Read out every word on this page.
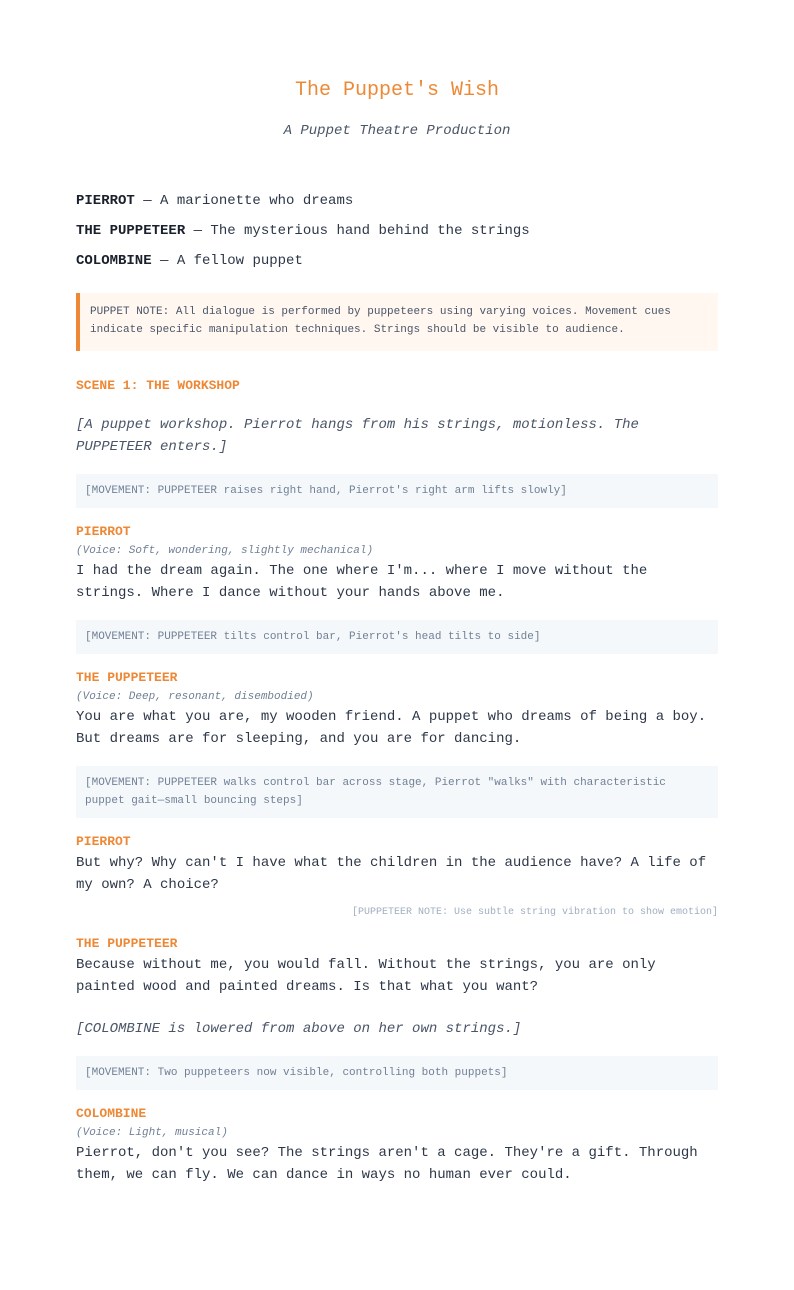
The Puppet's Wish
A Puppet Theatre Production
PIERROT — A marionette who dreams
THE PUPPETEER — The mysterious hand behind the strings
COLOMBINE — A fellow puppet
PUPPET NOTE: All dialogue is performed by puppeteers using varying voices. Movement cues indicate specific manipulation techniques. Strings should be visible to audience.
SCENE 1: THE WORKSHOP
[A puppet workshop. Pierrot hangs from his strings, motionless. The PUPPETEER enters.]
[MOVEMENT: PUPPETEER raises right hand, Pierrot's right arm lifts slowly]
PIERROT
(Voice: Soft, wondering, slightly mechanical)
I had the dream again. The one where I'm... where I move without the strings. Where I dance without your hands above me.
[MOVEMENT: PUPPETEER tilts control bar, Pierrot's head tilts to side]
THE PUPPETEER
(Voice: Deep, resonant, disembodied)
You are what you are, my wooden friend. A puppet who dreams of being a boy. But dreams are for sleeping, and you are for dancing.
[MOVEMENT: PUPPETEER walks control bar across stage, Pierrot "walks" with characteristic puppet gait—small bouncing steps]
PIERROT
But why? Why can't I have what the children in the audience have? A life of my own? A choice?
[PUPPETEER NOTE: Use subtle string vibration to show emotion]
THE PUPPETEER
Because without me, you would fall. Without the strings, you are only painted wood and painted dreams. Is that what you want?
[COLOMBINE is lowered from above on her own strings.]
[MOVEMENT: Two puppeteers now visible, controlling both puppets]
COLOMBINE
(Voice: Light, musical)
Pierrot, don't you see? The strings aren't a cage. They're a gift. Through them, we can fly. We can dance in ways no human ever could.
